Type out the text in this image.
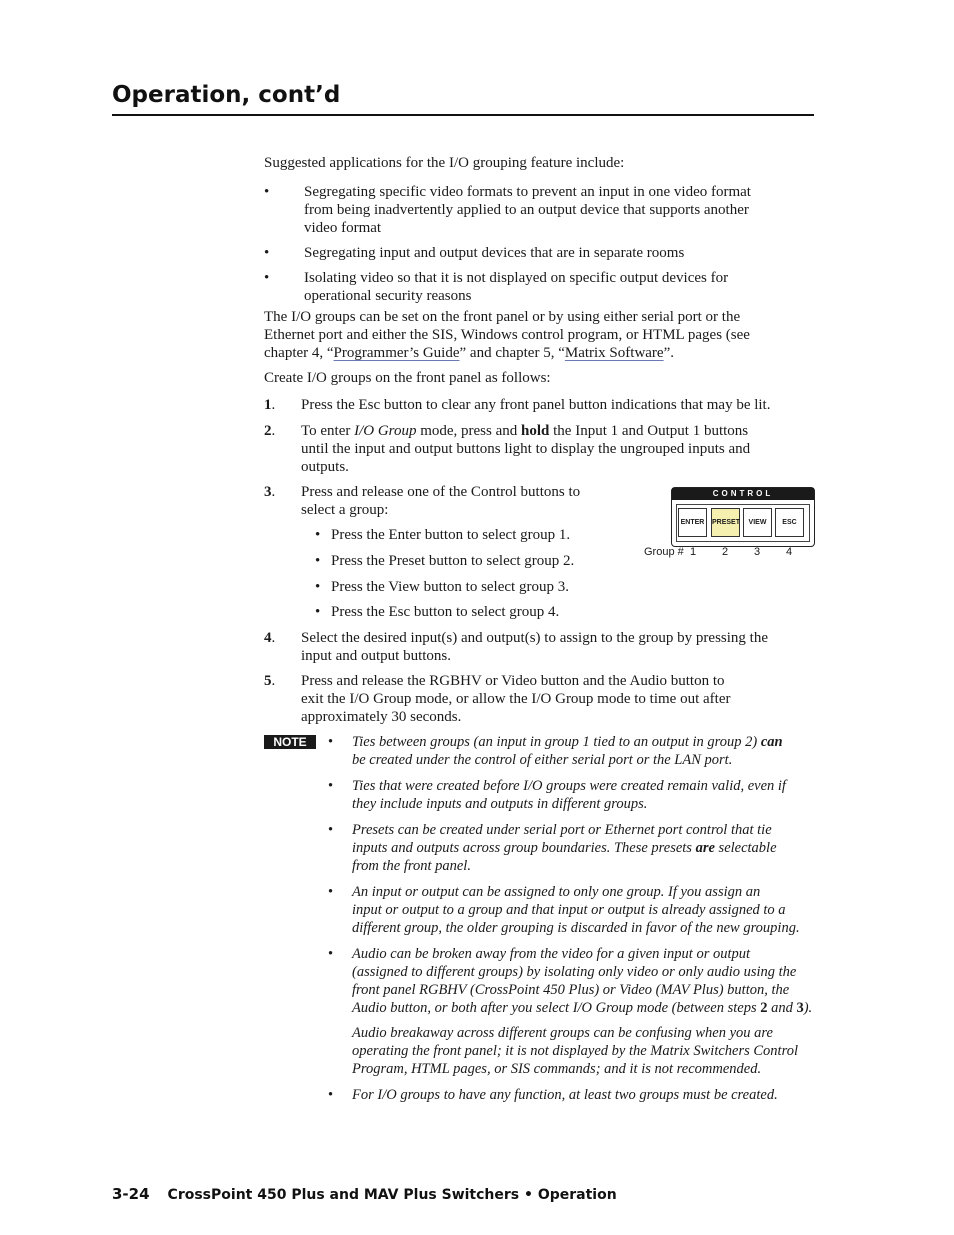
Operation, cont’d

Suggested applications for the I/O grouping feature include:

• Segregating specific video formats to prevent an input in one video format
from being inadvertently applied to an output device that supports another
video format
• Segregating input and output devices that are in separate rooms
• Isolating video so that it is not displayed on specific output devices for
operational security reasons
The I/O groups can be set on the front panel or by using either serial port or the
Ethernet port and either the SIS, Windows control program, or HTML pages (see
chapter 4, “Programmer’s Guide” and chapter 5, “Matrix Software”.

Create I/O groups on the front panel as follows:

1. Press the Esc button to clear any front panel button indications that may be lit.
2. To enter I/O Group mode, press and hold the Input 1 and Output 1 buttons
until the input and output buttons light to display the ungrouped inputs and
outputs.
3. Press and release one of the Control buttons to
select a group:
• Press the Enter button to select group 1.
• Press the Preset button to select group 2.
• Press the View button to select group 3.
• Press the Esc button to select group 4.
CONTROL
ENTER	PRESET	VIEW	ESC
Group # 1 2 3 4
4. Select the desired input(s) and output(s) to assign to the group by pressing the
input and output buttons.
5. Press and release the RGBHV or Video button and the Audio button to
exit the I/O Group mode, or allow the I/O Group mode to time out after
approximately 30 seconds.
NOTE	• Ties between groups (an input in group 1 tied to an output in group 2) can
be created under the control of either serial port or the LAN port.
• Ties that were created before I/O groups were created remain valid, even if
they include inputs and outputs in different groups.
• Presets can be created under serial port or Ethernet port control that tie
inputs and outputs across group boundaries. These presets are selectable
from the front panel.
• An input or output can be assigned to only one group. If you assign an
input or output to a group and that input or output is already assigned to a
different group, the older grouping is discarded in favor of the new grouping.
• Audio can be broken away from the video for a given input or output
(assigned to different groups) by isolating only video or only audio using the
front panel RGBHV (CrossPoint 450 Plus) or Video (MAV Plus) button, the
Audio button, or both after you select I/O Group mode (between steps 2 and 3).
Audio breakaway across different groups can be confusing when you are
operating the front panel; it is not displayed by the Matrix Switchers Control
Program, HTML pages, or SIS commands; and it is not recommended.
• For I/O groups to have any function, at least two groups must be created.
3-24 CrossPoint 450 Plus and MAV Plus Switchers • Operation
